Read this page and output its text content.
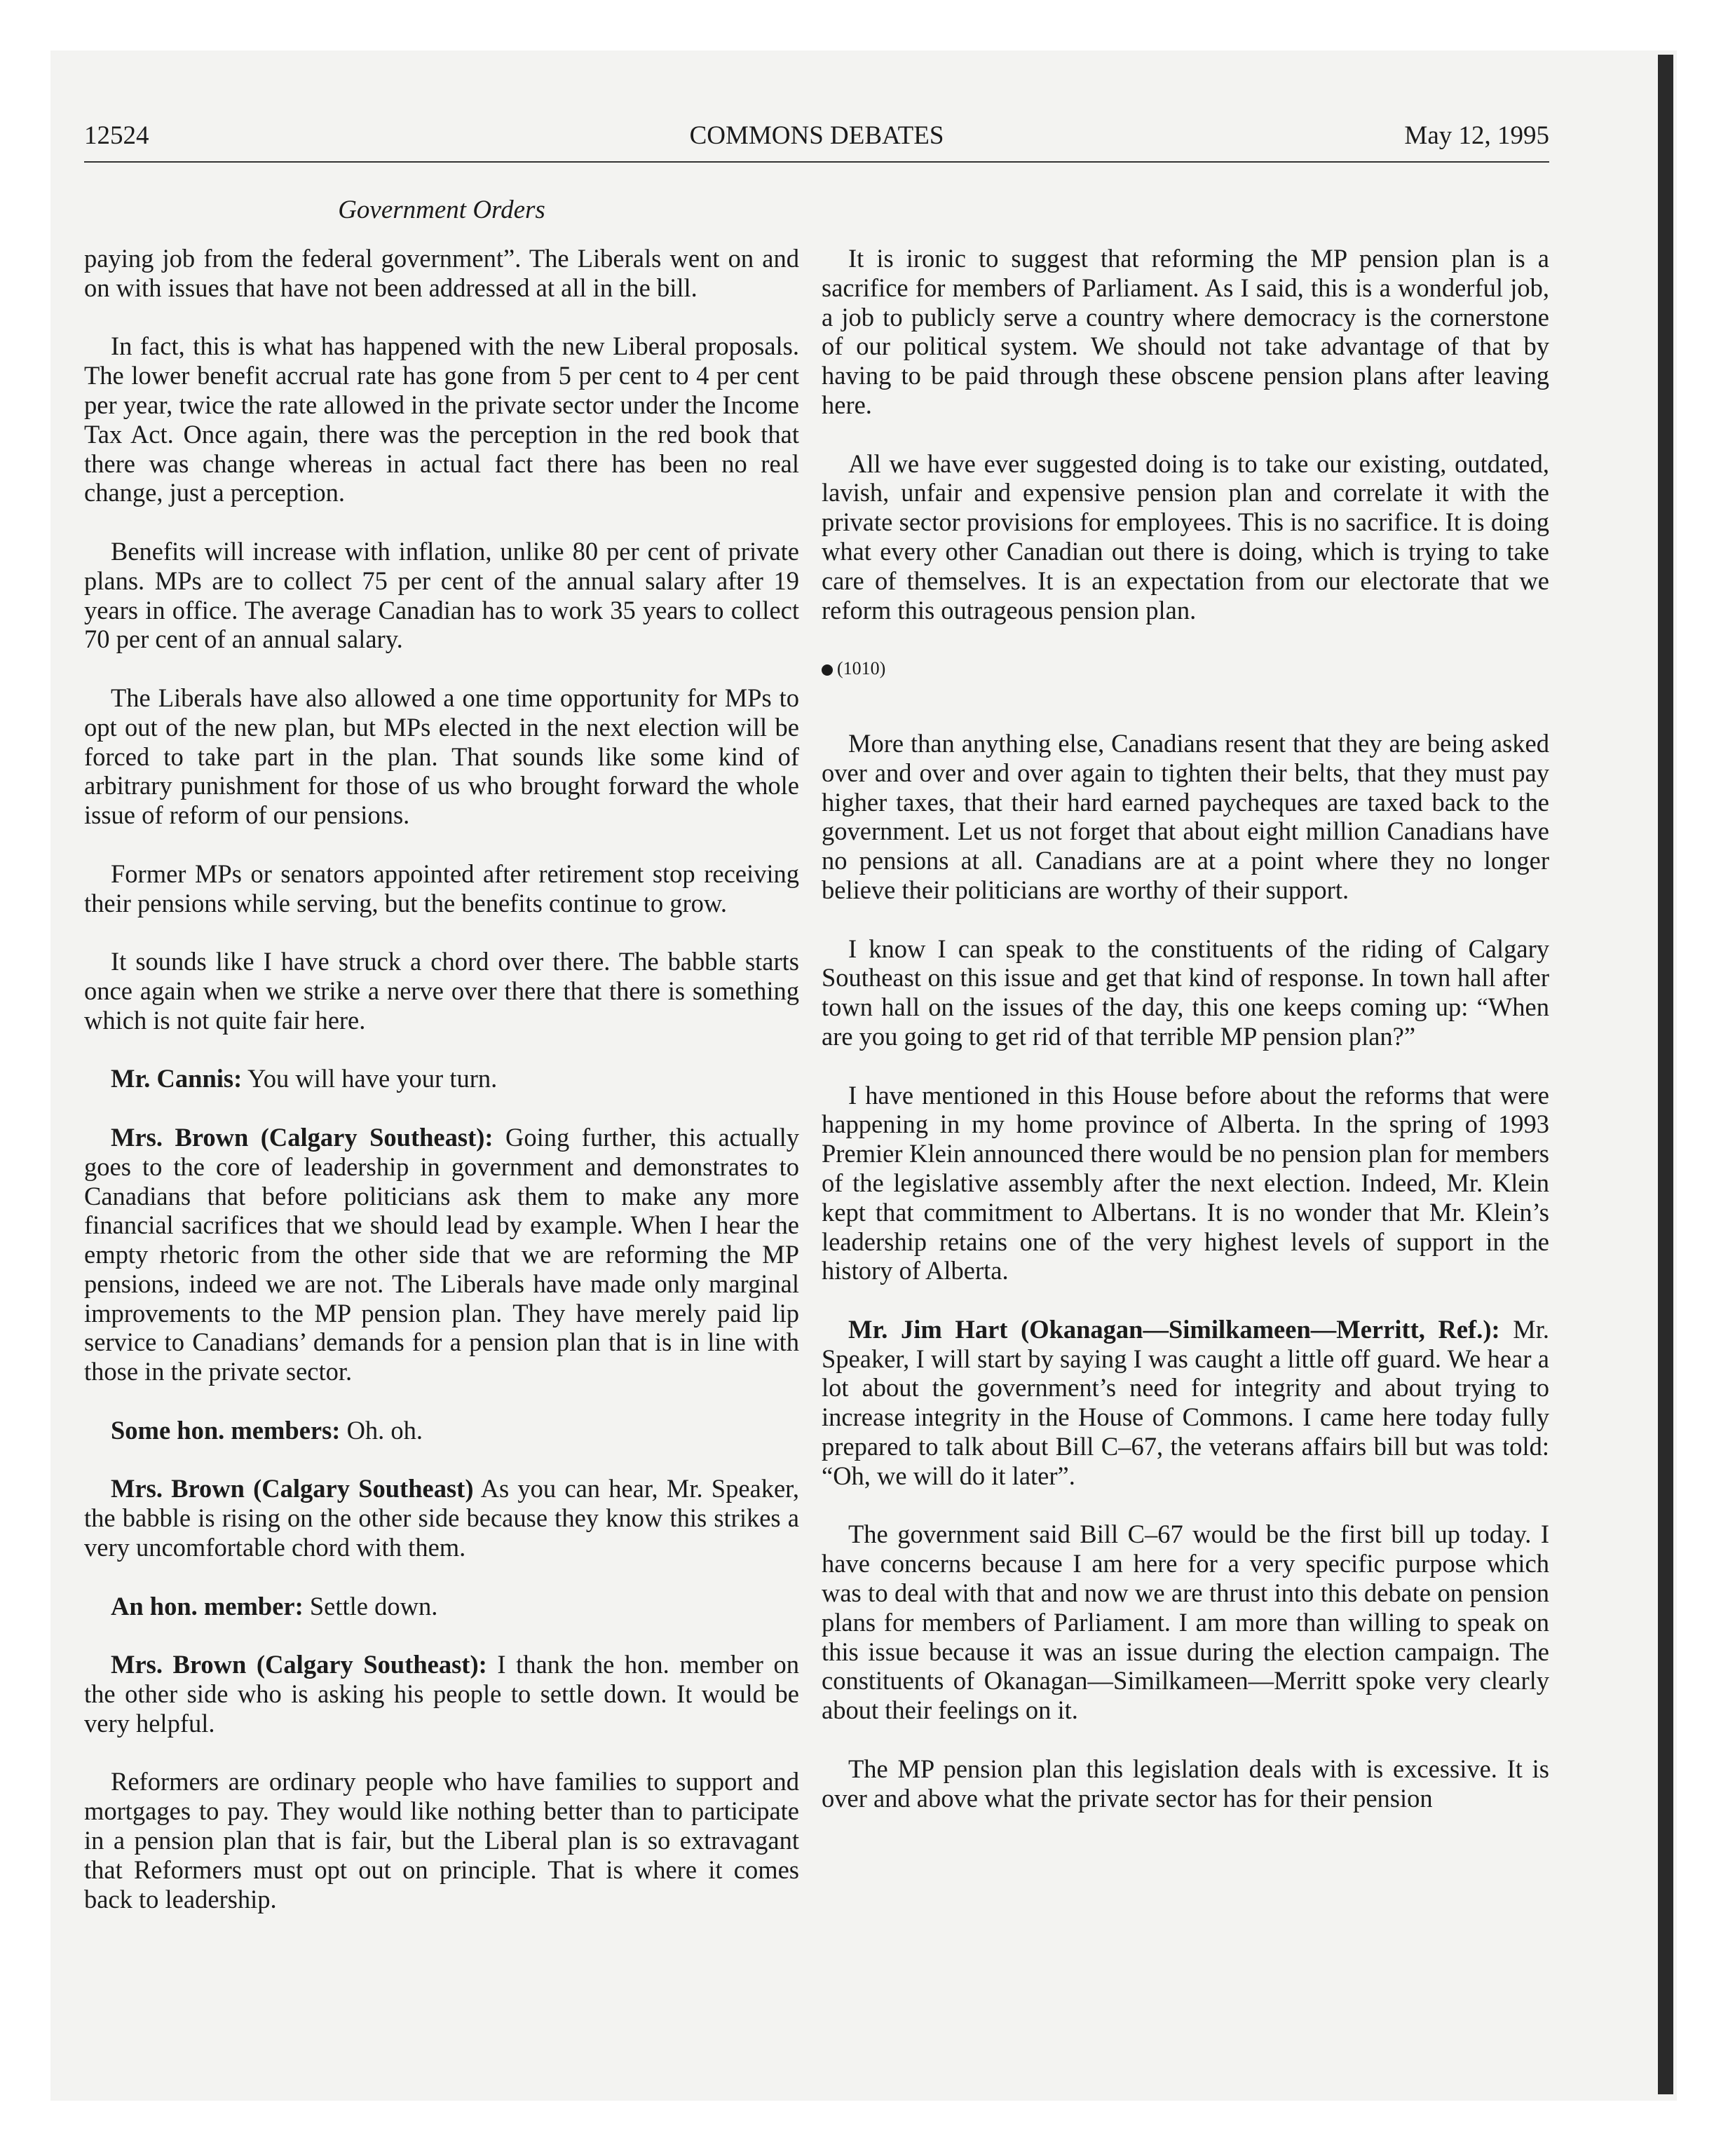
12524	COMMONS DEBATES	May 12, 1995
Government Orders

paying job from the federal government”. The Liberals went on and on with issues that have not been addressed at all in the bill.

In fact, this is what has happened with the new Liberal proposals. The lower benefit accrual rate has gone from 5 per cent to 4 per cent per year, twice the rate allowed in the private sector under the Income Tax Act. Once again, there was the perception in the red book that there was change whereas in actual fact there has been no real change, just a perception.

Benefits will increase with inflation, unlike 80 per cent of private plans. MPs are to collect 75 per cent of the annual salary after 19 years in office. The average Canadian has to work 35 years to collect 70 per cent of an annual salary.

The Liberals have also allowed a one time opportunity for MPs to opt out of the new plan, but MPs elected in the next election will be forced to take part in the plan. That sounds like some kind of arbitrary punishment for those of us who brought forward the whole issue of reform of our pensions.

Former MPs or senators appointed after retirement stop receiving their pensions while serving, but the benefits continue to grow.

It sounds like I have struck a chord over there. The babble starts once again when we strike a nerve over there that there is something which is not quite fair here.

Mr. Cannis: You will have your turn.

Mrs. Brown (Calgary Southeast): Going further, this actually goes to the core of leadership in government and demonstrates to Canadians that before politicians ask them to make any more financial sacrifices that we should lead by example. When I hear the empty rhetoric from the other side that we are reforming the MP pensions, indeed we are not. The Liberals have made only marginal improvements to the MP pension plan. They have merely paid lip service to Canadians’ demands for a pension plan that is in line with those in the private sector.

Some hon. members: Oh. oh.

Mrs. Brown (Calgary Southeast) As you can hear, Mr. Speaker, the babble is rising on the other side because they know this strikes a very uncomfortable chord with them.

An hon. member: Settle down.

Mrs. Brown (Calgary Southeast): I thank the hon. member on the other side who is asking his people to settle down. It would be very helpful.

Reformers are ordinary people who have families to support and mortgages to pay. They would like nothing better than to participate in a pension plan that is fair, but the Liberal plan is so extravagant that Reformers must opt out on principle. That is where it comes back to leadership.

It is ironic to suggest that reforming the MP pension plan is a sacrifice for members of Parliament. As I said, this is a wonderful job, a job to publicly serve a country where democracy is the cornerstone of our political system. We should not take advantage of that by having to be paid through these obscene pension plans after leaving here.

All we have ever suggested doing is to take our existing, outdated, lavish, unfair and expensive pension plan and correlate it with the private sector provisions for employees. This is no sacrifice. It is doing what every other Canadian out there is doing, which is trying to take care of themselves. It is an expectation from our electorate that we reform this outrageous pension plan.

(1010)

More than anything else, Canadians resent that they are being asked over and over and over again to tighten their belts, that they must pay higher taxes, that their hard earned paycheques are taxed back to the government. Let us not forget that about eight million Canadians have no pensions at all. Canadians are at a point where they no longer believe their politicians are worthy of their support.

I know I can speak to the constituents of the riding of Calgary Southeast on this issue and get that kind of response. In town hall after town hall on the issues of the day, this one keeps coming up: “When are you going to get rid of that terrible MP pension plan?”

I have mentioned in this House before about the reforms that were happening in my home province of Alberta. In the spring of 1993 Premier Klein announced there would be no pension plan for members of the legislative assembly after the next election. Indeed, Mr. Klein kept that commitment to Albertans. It is no wonder that Mr. Klein’s leadership retains one of the very highest levels of support in the history of Alberta.

Mr. Jim Hart (Okanagan—Similkameen—Merritt, Ref.): Mr. Speaker, I will start by saying I was caught a little off guard. We hear a lot about the government’s need for integrity and about trying to increase integrity in the House of Commons. I came here today fully prepared to talk about Bill C–67, the veterans affairs bill but was told: “Oh, we will do it later”.

The government said Bill C–67 would be the first bill up today. I have concerns because I am here for a very specific purpose which was to deal with that and now we are thrust into this debate on pension plans for members of Parliament. I am more than willing to speak on this issue because it was an issue during the election campaign. The constituents of Okanagan—Similkameen—Merritt spoke very clearly about their feelings on it.

The MP pension plan this legislation deals with is excessive. It is over and above what the private sector has for their pension
